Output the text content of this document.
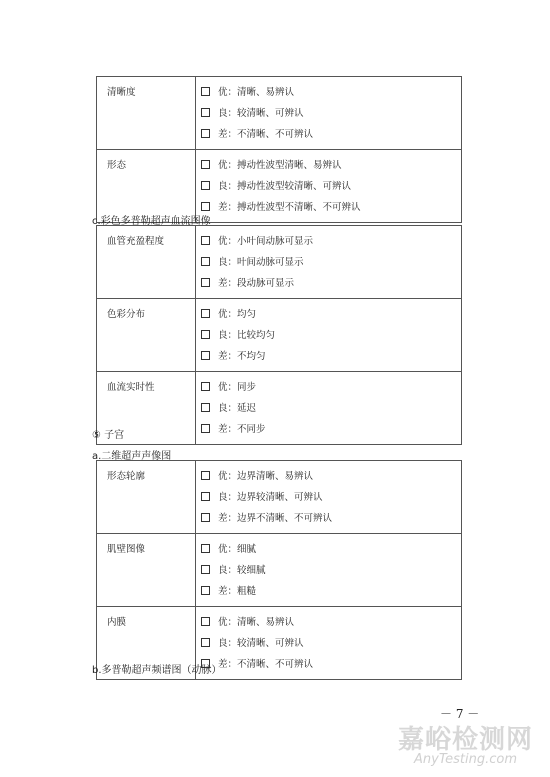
清晰度	优：清晰、易辨认
良：较清晰、可辨认
差：不清晰、不可辨认

形态	优：搏动性波型清晰、易辨认
良：搏动性波型较清晰、可辨认
差：搏动性波型不清晰、不可辨认
c.彩色多普勒超声血流图像
血管充盈程度	优：小叶间动脉可显示
良：叶间动脉可显示
差：段动脉可显示

色彩分布	优：均匀
良：比较均匀
差：不均匀

血流实时性	优：同步
良：延迟
差：不同步
⑤ 子宫
a.二维超声声像图
形态轮廓	优：边界清晰、易辨认
良：边界较清晰、可辨认
差：边界不清晰、不可辨认

肌壁图像	优：细腻
良：较细腻
差：粗糙

内膜	优：清晰、易辨认
良：较清晰、可辨认
差：不清晰、不可辨认
b.多普勒超声频谱图（动脉）
－ 7 －
嘉峪检测网
AnyTesting.com
